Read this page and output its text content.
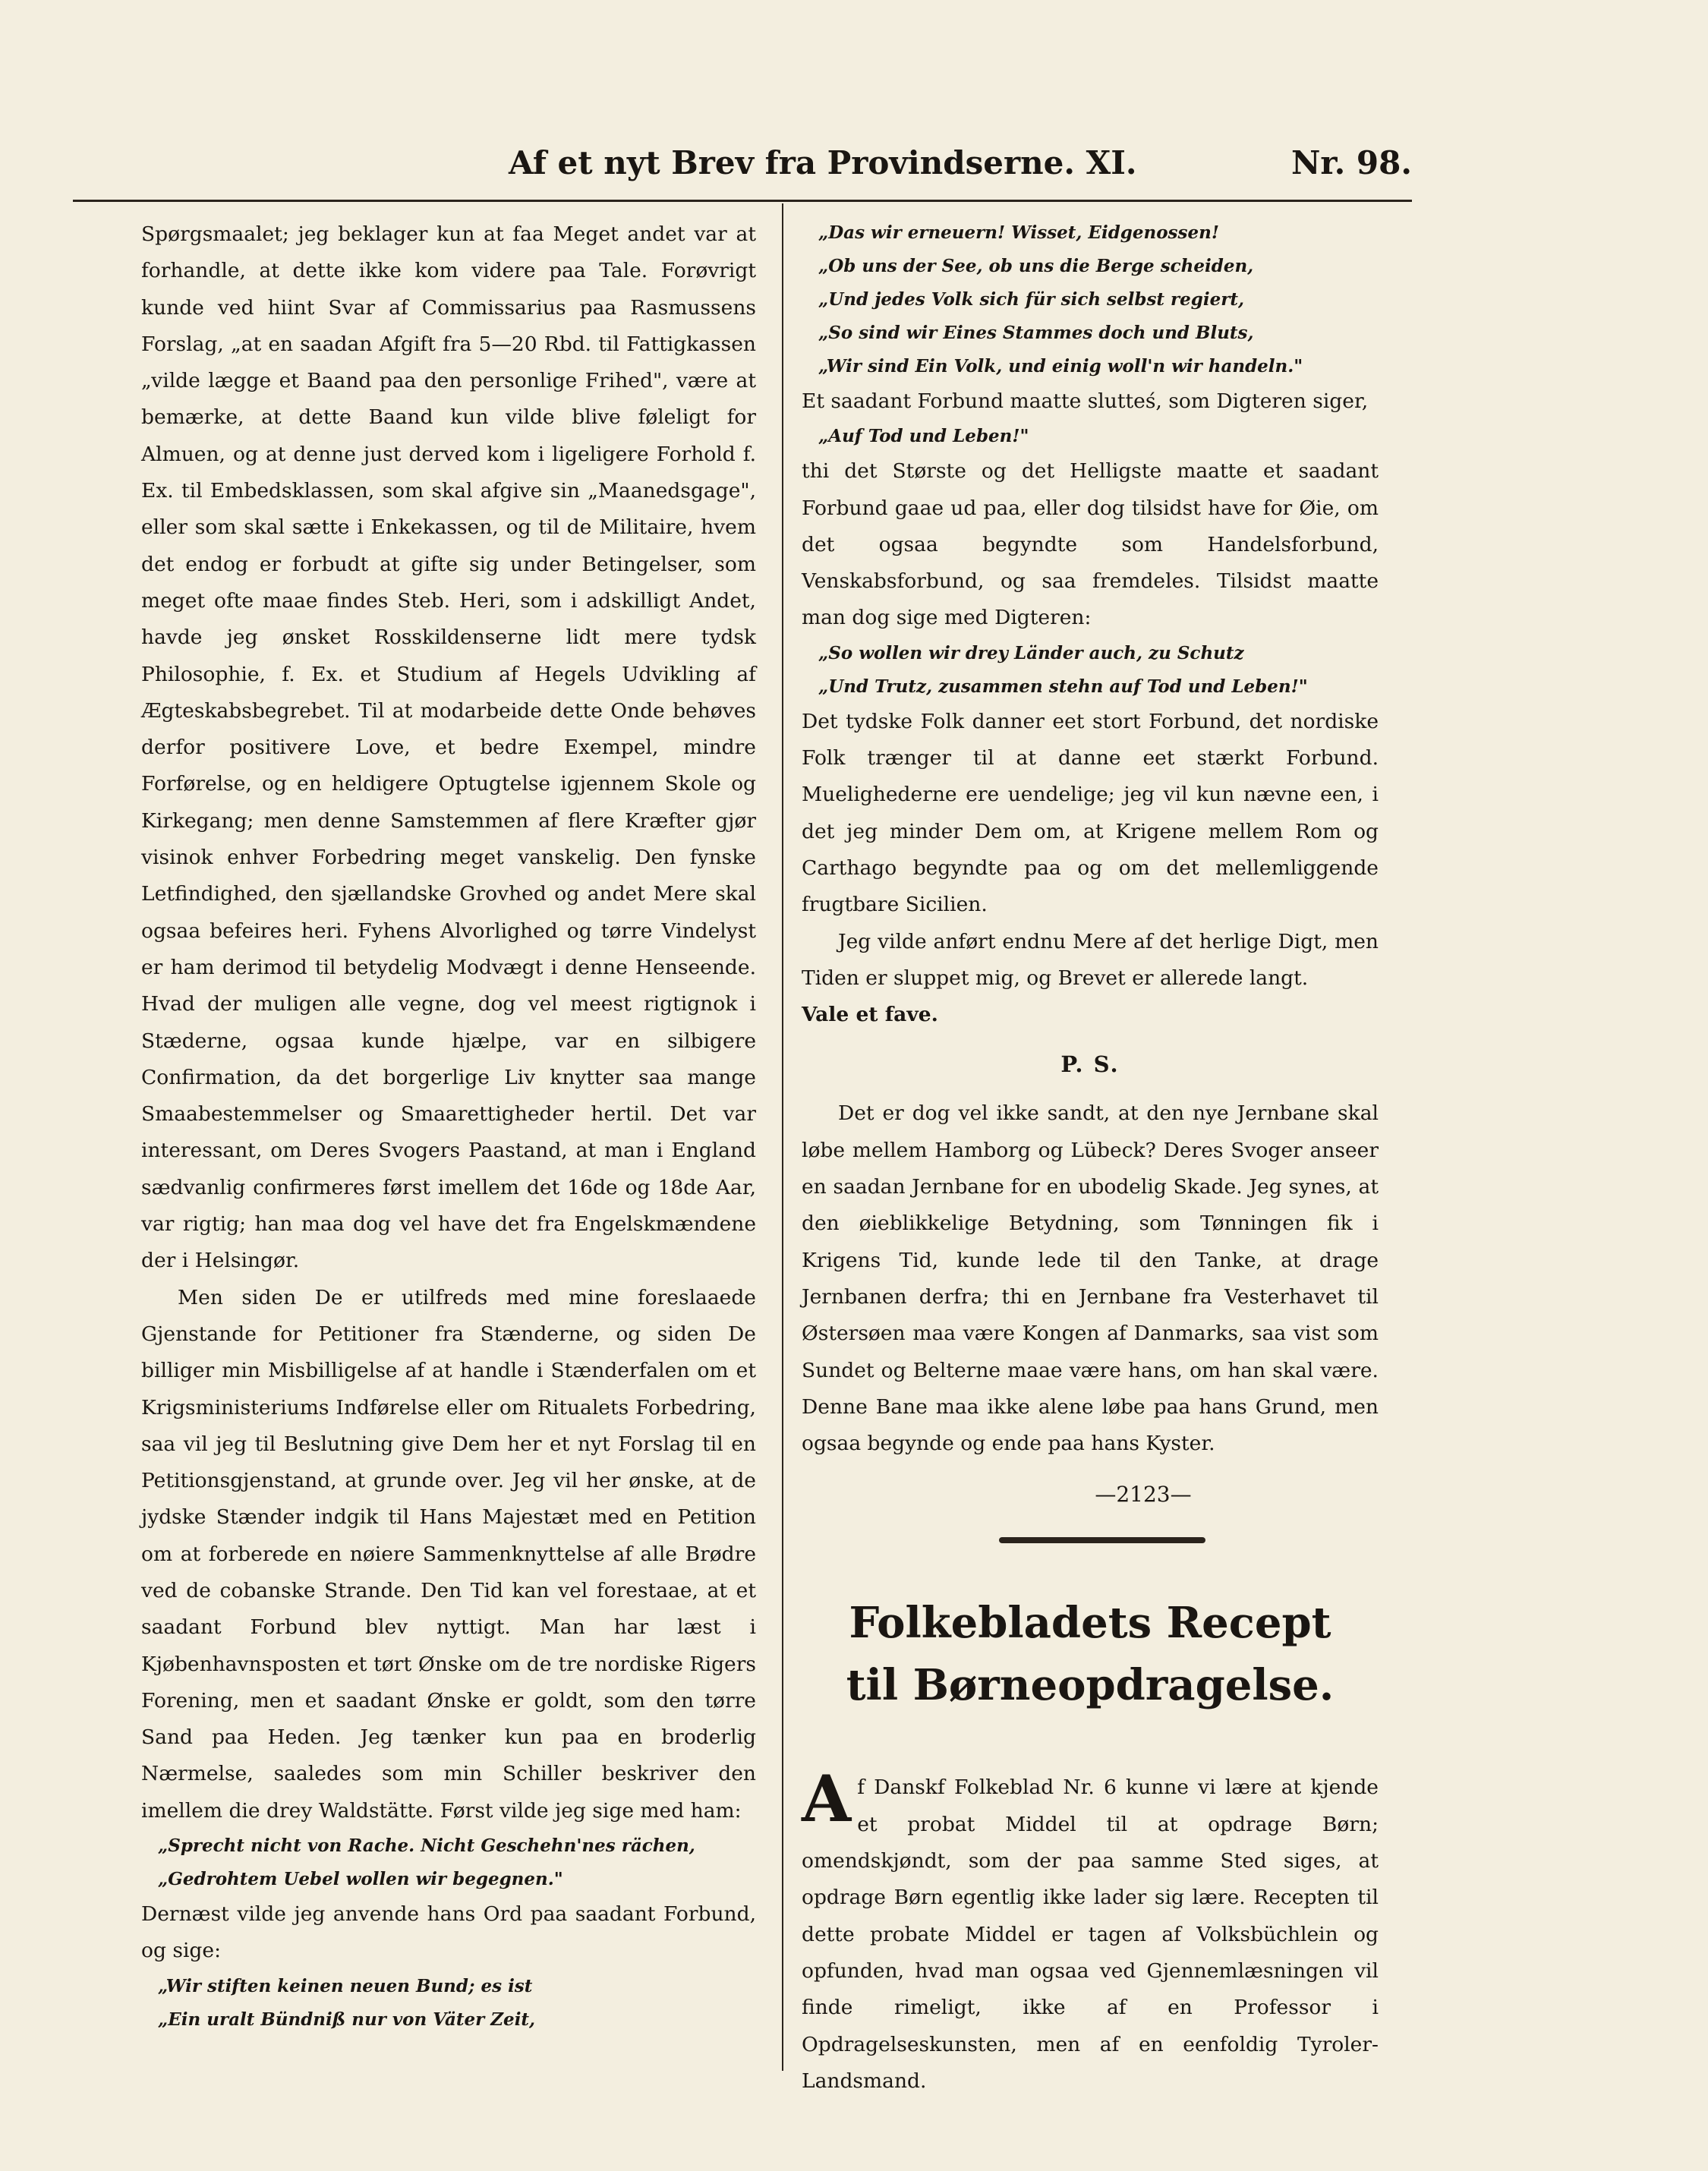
Af et nyt Brev fra Provindserne. XI.	Nr. 98.

Spørgsmaalet; jeg beklager kun at faa Meget andet var at forhandle, at dette ikke kom videre paa Tale. Forøvrigt kunde ved hiint Svar af Commissarius paa Rasmussens Forslag, „at en saadan Afgift fra 5—20 Rbd. til Fattigkassen „vilde lægge et Baand paa den personlige Frihed", være at bemærke, at dette Baand kun vilde blive føleligt for Almuen, og at denne just derved kom i ligeligere Forhold f. Ex. til Embedsklassen, som skal afgive sin „Maanedsgage", eller som skal sætte i Enkekassen, og til de Militaire, hvem det endog er forbudt at gifte sig under Betingelser, som meget ofte maae findes Steb. Heri, som i adskilligt Andet, havde jeg ønsket Rosskildenserne lidt mere tydsk Philosophie, f. Ex. et Studium af Hegels Udvikling af Ægteskabsbegrebet. Til at modarbeide dette Onde behøves derfor positivere Love, et bedre Exempel, mindre Forførelse, og en heldigere Optugtelse igjennem Skole og Kirkegang; men denne Samstemmen af flere Kræfter gjør visinok enhver Forbedring meget vanskelig. Den fynske Letfindighed, den sjællandske Grovhed og andet Mere skal ogsaa befeires heri. Fyhens Alvorlighed og tørre Vindelyst er ham derimod til betydelig Modvægt i denne Henseende. Hvad der muligen alle vegne, dog vel meest rigtignok i Stæderne, ogsaa kunde hjælpe, var en silbigere Confirmation, da det borgerlige Liv knytter saa mange Smaabestemmelser og Smaarettigheder hertil. Det var interessant, om Deres Svogers Paastand, at man i England sædvanlig confirmeres først imellem det 16de og 18de Aar, var rigtig; han maa dog vel have det fra Engelskmændene der i Helsingør.

Men siden De er utilfreds med mine foreslaaede Gjenstande for Petitioner fra Stænderne, og siden De billiger min Misbilligelse af at handle i Stænderfalen om et Krigsministeriums Indførelse eller om Ritualets Forbedring, saa vil jeg til Beslutning give Dem her et nyt Forslag til en Petitionsgjenstand, at grunde over. Jeg vil her ønske, at de jydske Stænder indgik til Hans Majestæt med en Petition om at forberede en nøiere Sammenknyttelse af alle Brødre ved de cobanske Strande. Den Tid kan vel forestaae, at et saadant Forbund blev nyttigt. Man har læst i Kjøbenhavnsposten et tørt Ønske om de tre nordiske Rigers Forening, men et saadant Ønske er goldt, som den tørre Sand paa Heden. Jeg tænker kun paa en broderlig Nærmelse, saaledes som min Schiller beskriver den imellem die drey Waldstätte. Først vilde jeg sige med ham:

„Sprecht nicht von Rache. Nicht Geschehn'nes rächen,
„Gedrohtem Uebel wollen wir begegnen."

Dernæst vilde jeg anvende hans Ord paa saadant Forbund, og sige:

„Wir stiften keinen neuen Bund; es ist
„Ein uralt Bündniß nur von Väter Zeit,
„Das wir erneuern! Wisset, Eidgenossen!
„Ob uns der See, ob uns die Berge scheiden,
„Und jedes Volk sich für sich selbst regiert,
„So sind wir Eines Stammes doch und Bluts,
„Wir sind Ein Volk, und einig woll'n wir handeln."

Et saadant Forbund maatte slutteś, som Digteren siger,

„Auf Tod und Leben!"

thi det Største og det Helligste maatte et saadant Forbund gaae ud paa, eller dog tilsidst have for Øie, om det ogsaa begyndte som Handelsforbund, Venskabsforbund, og saa fremdeles. Tilsidst maatte man dog sige med Digteren:

„So wollen wir drey Länder auch, zu Schutz
„Und Trutz, zusammen stehn auf Tod und Leben!"

Det tydske Folk danner eet stort Forbund, det nordiske Folk trænger til at danne eet stærkt Forbund. Muelighederne ere uendelige; jeg vil kun nævne een, i det jeg minder Dem om, at Krigene mellem Rom og Carthago begyndte paa og om det mellemliggende frugtbare Sicilien.

Jeg vilde anført endnu Mere af det herlige Digt, men Tiden er sluppet mig, og Brevet er allerede langt.

Vale et fave.

P. S.

Det er dog vel ikke sandt, at den nye Jernbane skal løbe mellem Hamborg og Lübeck? Deres Svoger anseer en saadan Jernbane for en ubodelig Skade. Jeg synes, at den øieblikkelige Betydning, som Tønningen fik i Krigens Tid, kunde lede til den Tanke, at drage Jernbanen derfra; thi en Jernbane fra Vesterhavet til Østersøen maa være Kongen af Danmarks, saa vist som Sundet og Belterne maae være hans, om han skal være. Denne Bane maa ikke alene løbe paa hans Grund, men ogsaa begynde og ende paa hans Kyster.

—2123—
Folkebladets Recept
til Børneopdragelse.
A f Danskf Folkeblad Nr. 6 kunne vi lære at kjende et probat Middel til at opdrage Børn; omendskjøndt, som der paa samme Sted siges, at opdrage Børn egentlig ikke lader sig lære. Recepten til dette probate Middel er tagen af Volksbüchlein og opfunden, hvad man ogsaa ved Gjennemlæsningen vil finde rimeligt, ikke af en Professor i Opdragelseskunsten, men af en eenfoldig Tyroler-Landsmand.
